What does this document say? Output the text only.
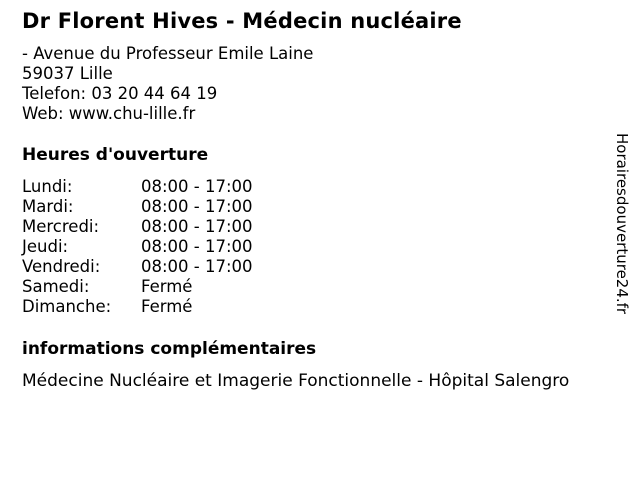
Dr Florent Hives - Médecin nucléaire
- Avenue du Professeur Emile Laine
59037 Lille
Telefon: 03 20 44 64 19
Web: www.chu-lille.fr
Heures d'ouverture
Lundi:	08:00 - 17:00
Mardi:	08:00 - 17:00
Mercredi:	08:00 - 17:00
Jeudi:	08:00 - 17:00
Vendredi:	08:00 - 17:00
Samedi:	Fermé
Dimanche:	Fermé
informations complémentaires
Médecine Nucléaire et Imagerie Fonctionnelle - Hôpital Salengro
Horairesdouverture24.fr
